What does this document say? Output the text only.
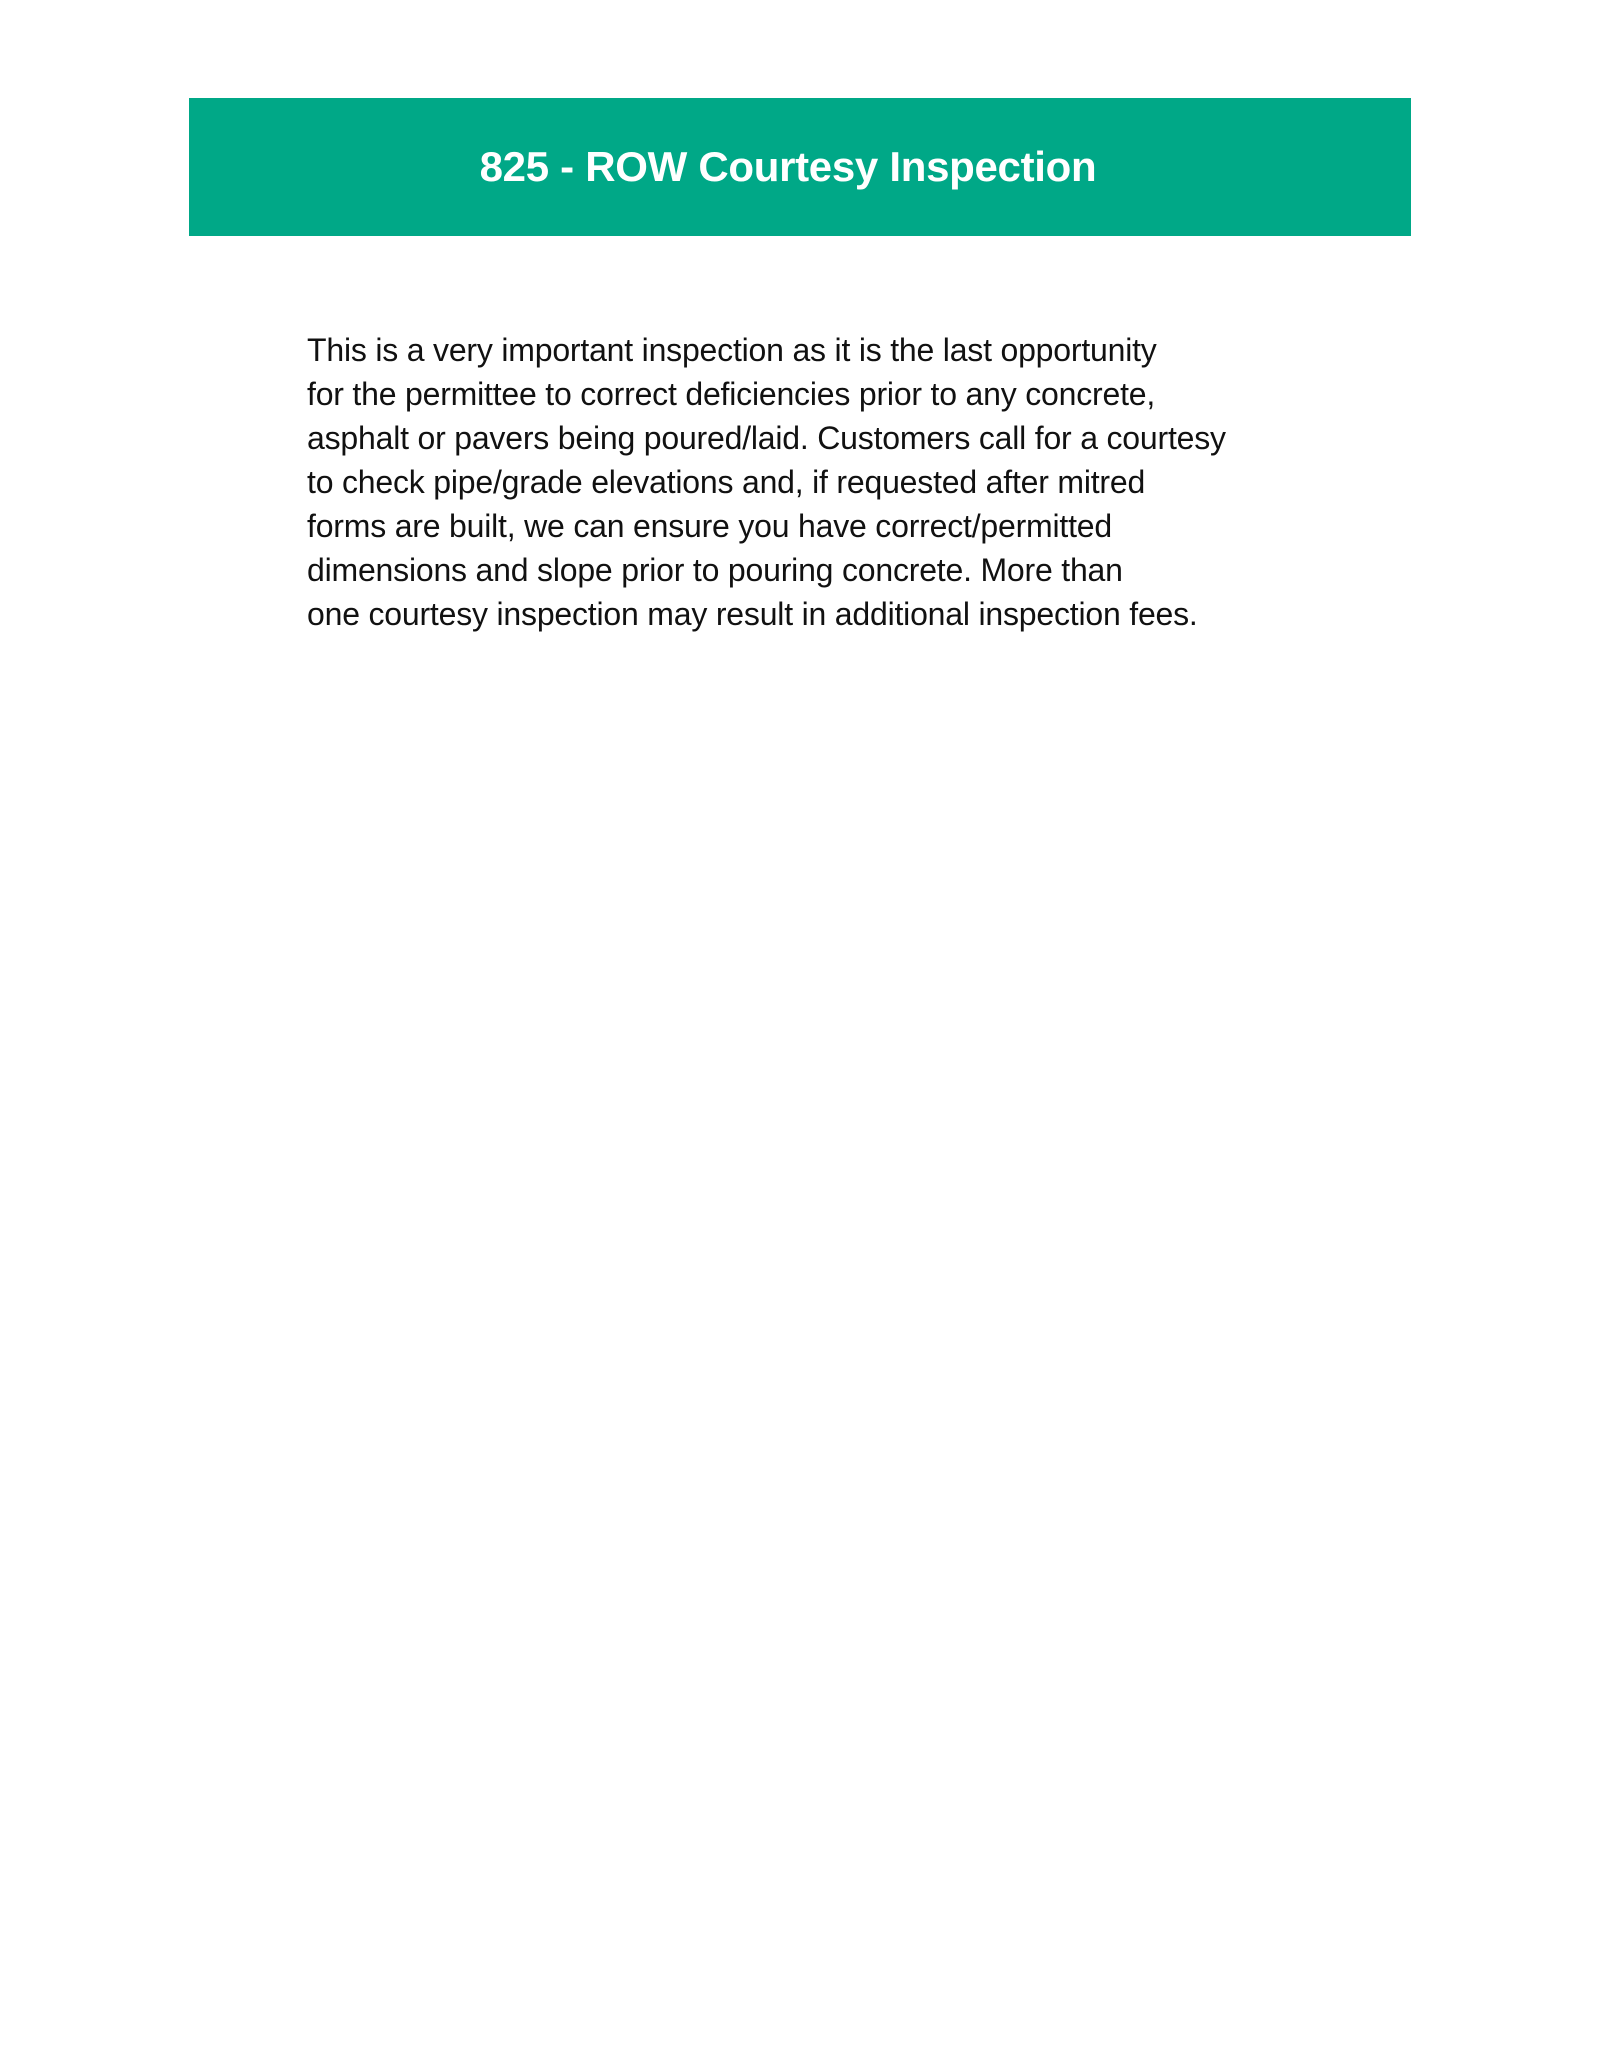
825 - ROW Courtesy Inspection

This is a very important inspection as it is the last opportunity
for the permittee to correct deficiencies prior to any concrete,
asphalt or pavers being poured/laid. Customers call for a courtesy
to check pipe/grade elevations and, if requested after mitred
forms are built, we can ensure you have correct/permitted
dimensions and slope prior to pouring concrete. More than
one courtesy inspection may result in additional inspection fees.
